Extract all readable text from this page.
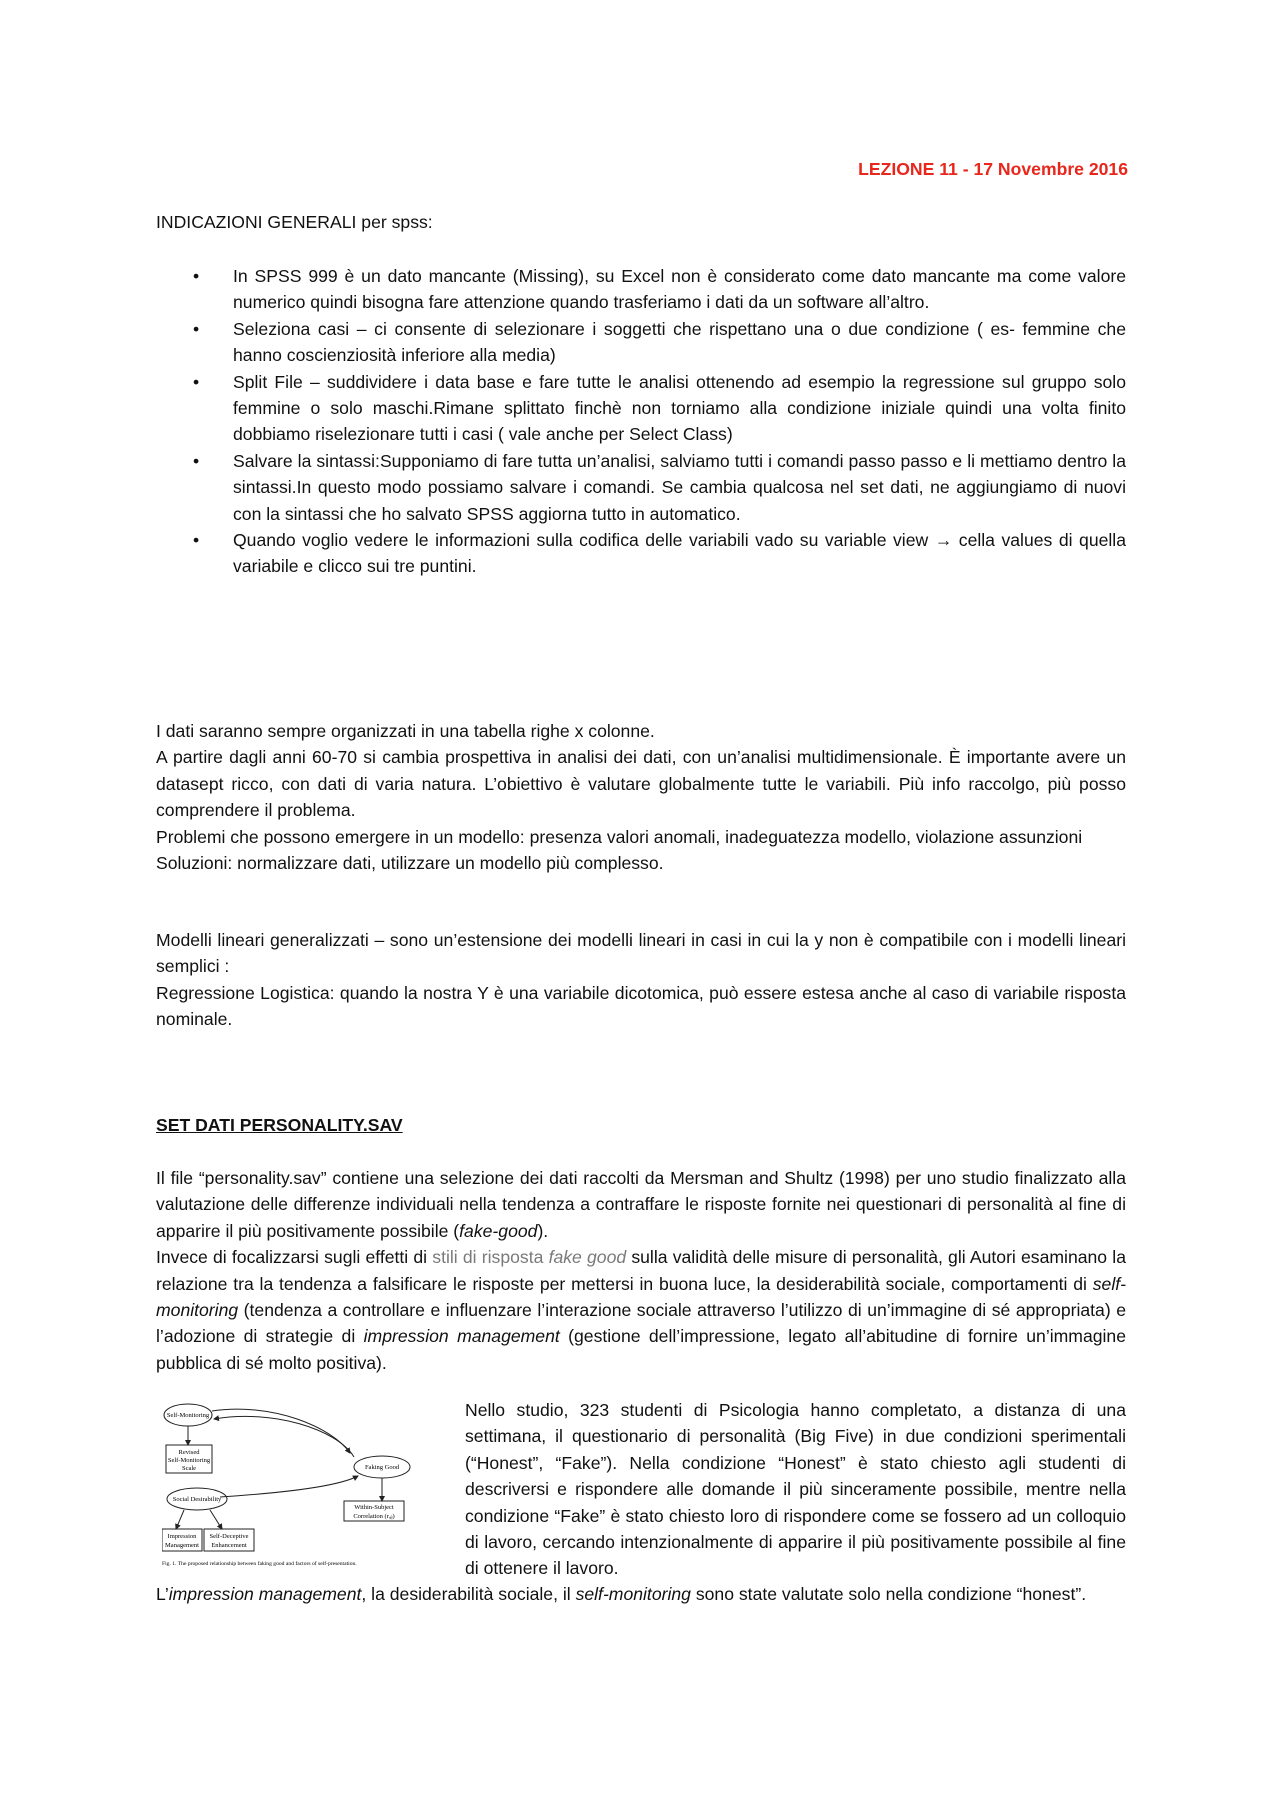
LEZIONE 11 - 17 Novembre 2016
INDICAZIONI GENERALI per spss:
• In SPSS 999 è un dato mancante (Missing), su Excel non è considerato come dato mancante ma come valore numerico quindi bisogna fare attenzione quando trasferiamo i dati da un software all’altro.
• Seleziona casi – ci consente di selezionare i soggetti che rispettano una o due condizione ( es- femmine che hanno coscienziosità inferiore alla media)
• Split File – suddividere i data base e fare tutte le analisi ottenendo ad esempio la regressione sul gruppo solo femmine o solo maschi.Rimane splittato finchè non torniamo alla condizione iniziale quindi una volta finito dobbiamo riselezionare tutti i casi ( vale anche per Select Class)
• Salvare la sintassi:Supponiamo di fare tutta un’analisi, salviamo tutti i comandi passo passo e li mettiamo dentro la sintassi.In questo modo possiamo salvare i comandi. Se cambia qualcosa nel set dati, ne aggiungiamo di nuovi con la sintassi che ho salvato SPSS aggiorna tutto in automatico.
• Quando voglio vedere le informazioni sulla codifica delle variabili vado su variable view → cella values di quella variabile e clicco sui tre puntini.
I dati saranno sempre organizzati in una tabella righe x colonne.
A partire dagli anni 60-70 si cambia prospettiva in analisi dei dati, con un’analisi multidimensionale. È importante avere un datasept ricco, con dati di varia natura. L’obiettivo è valutare globalmente tutte le variabili. Più info raccolgo, più posso comprendere il problema.
Problemi che possono emergere in un modello: presenza valori anomali, inadeguatezza modello, violazione assunzioni
Soluzioni: normalizzare dati, utilizzare un modello più complesso.
Modelli lineari generalizzati – sono un’estensione dei modelli lineari in casi in cui la y non è compatibile con i modelli lineari semplici :
Regressione Logistica: quando la nostra Y è una variabile dicotomica, può essere estesa anche al caso di variabile risposta nominale.
SET DATI PERSONALITY.SAV
Il file “personality.sav” contiene una selezione dei dati raccolti da Mersman and Shultz (1998) per uno studio finalizzato alla valutazione delle differenze individuali nella tendenza a contraffare le risposte fornite nei questionari di personalità al fine di apparire il più positivamente possibile (fake-good).
Invece di focalizzarsi sugli effetti di stili di risposta fake good sulla validità delle misure di personalità, gli Autori esaminano la relazione tra la tendenza a falsificare le risposte per mettersi in buona luce, la desiderabilità sociale, comportamenti di self-monitoring (tendenza a controllare e influenzare l’interazione sociale attraverso l’utilizzo di un’immagine di sé appropriata) e l’adozione di strategie di impression management (gestione dell’impressione, legato all’abitudine di fornire un’immagine pubblica di sé molto positiva).
Self-Monitoring
Revised
Self-Monitoring
Scale	Faking Good
Social Desirability
Within-Subject
Correlation (rₐᵦ)
Impression
Management
Self-Deceptive
Enhancement
Fig. 1. The proposed relationship between faking good and factors of self-presentation.
Nello studio, 323 studenti di Psicologia hanno completato, a distanza di una settimana, il questionario di personalità (Big Five) in due condizioni sperimentali (“Honest”, “Fake”). Nella condizione “Honest” è stato chiesto agli studenti di descriversi e rispondere alle domande il più sinceramente possibile, mentre nella condizione “Fake” è stato chiesto loro di rispondere come se fossero ad un colloquio di lavoro, cercando intenzionalmente di apparire il più positivamente possibile al fine di ottenere il lavoro.
L’impression management, la desiderabilità sociale, il self-monitoring sono state valutate solo nella condizione “honest”.
